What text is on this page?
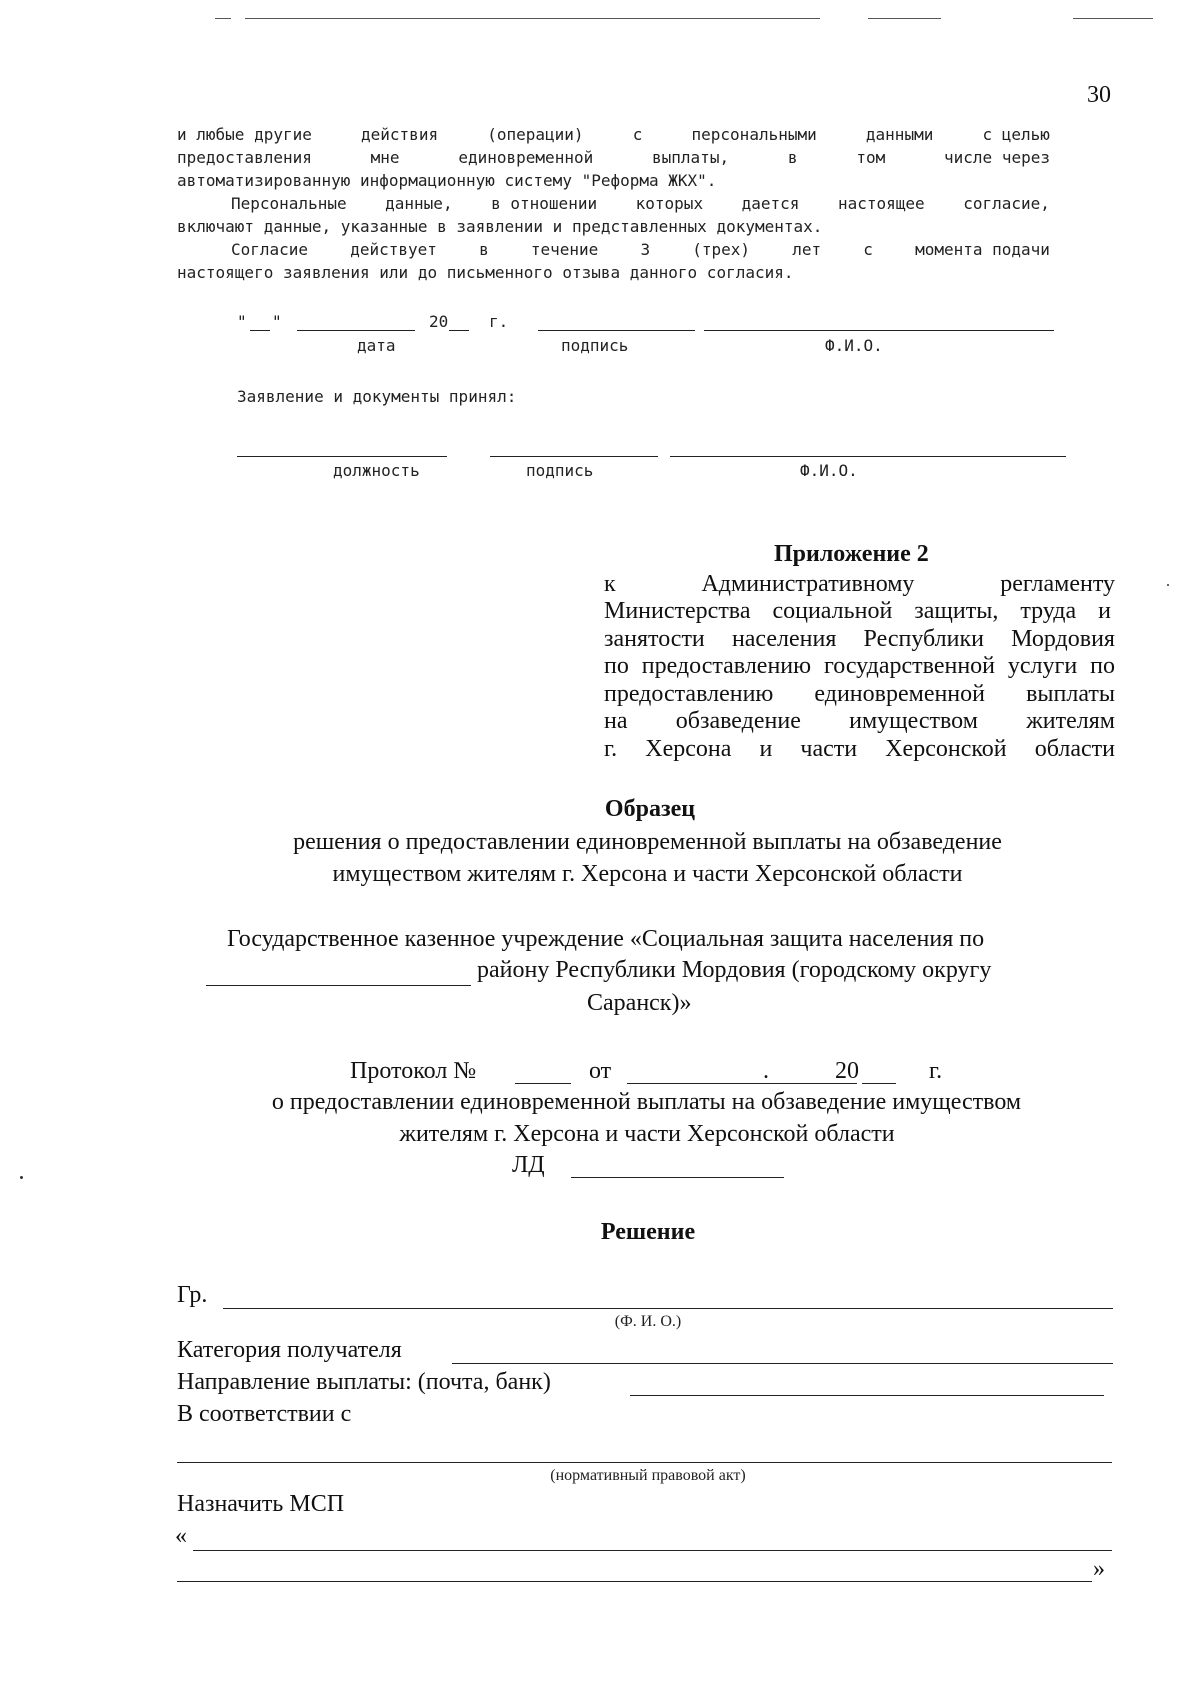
30
и любые другие	действия	(операции)	с	персональными	данными	с целью
предоставления	мне	единовременной	выплаты,	в	том	числе через
автоматизированную информационную систему "Реформа ЖКХ".
Персональные данные, в отношении которых дается настоящее согласие,
включают данные, указанные в заявлении и представленных документах.
Согласие	действует	в	течение	3	(трех)	лет	с	момента подачи
настоящего заявления или до письменного отзыва данного согласия.
" "	20	г.
дата	подпись	Ф.И.О.
Заявление и документы принял:
должность	подпись	Ф.И.О.
Приложение 2
к	Административному	регламенту
Министерства социальной защиты, труда и
занятости населения Республики Мордовия
по предоставлению государственной услуги по
предоставлению единовременной выплаты
на обзаведение имуществом жителям
г. Херсона и части Херсонской области
Образец
решения о предоставлении единовременной выплаты на обзаведение
имуществом жителям г. Херсона и части Херсонской области
Государственное казенное учреждение «Социальная защита населения по
району Республики Мордовия (городскому округу
Саранск)»
Протокол №	от	.	20	г.
о предоставлении единовременной выплаты на обзаведение имуществом
жителям г. Херсона и части Херсонской области
ЛД
Решение
Гр.
(Ф. И. О.)
Категория получателя
Направление выплаты: (почта, банк)
В соответствии с
(нормативный правовой акт)
Назначить МСП
«
»
